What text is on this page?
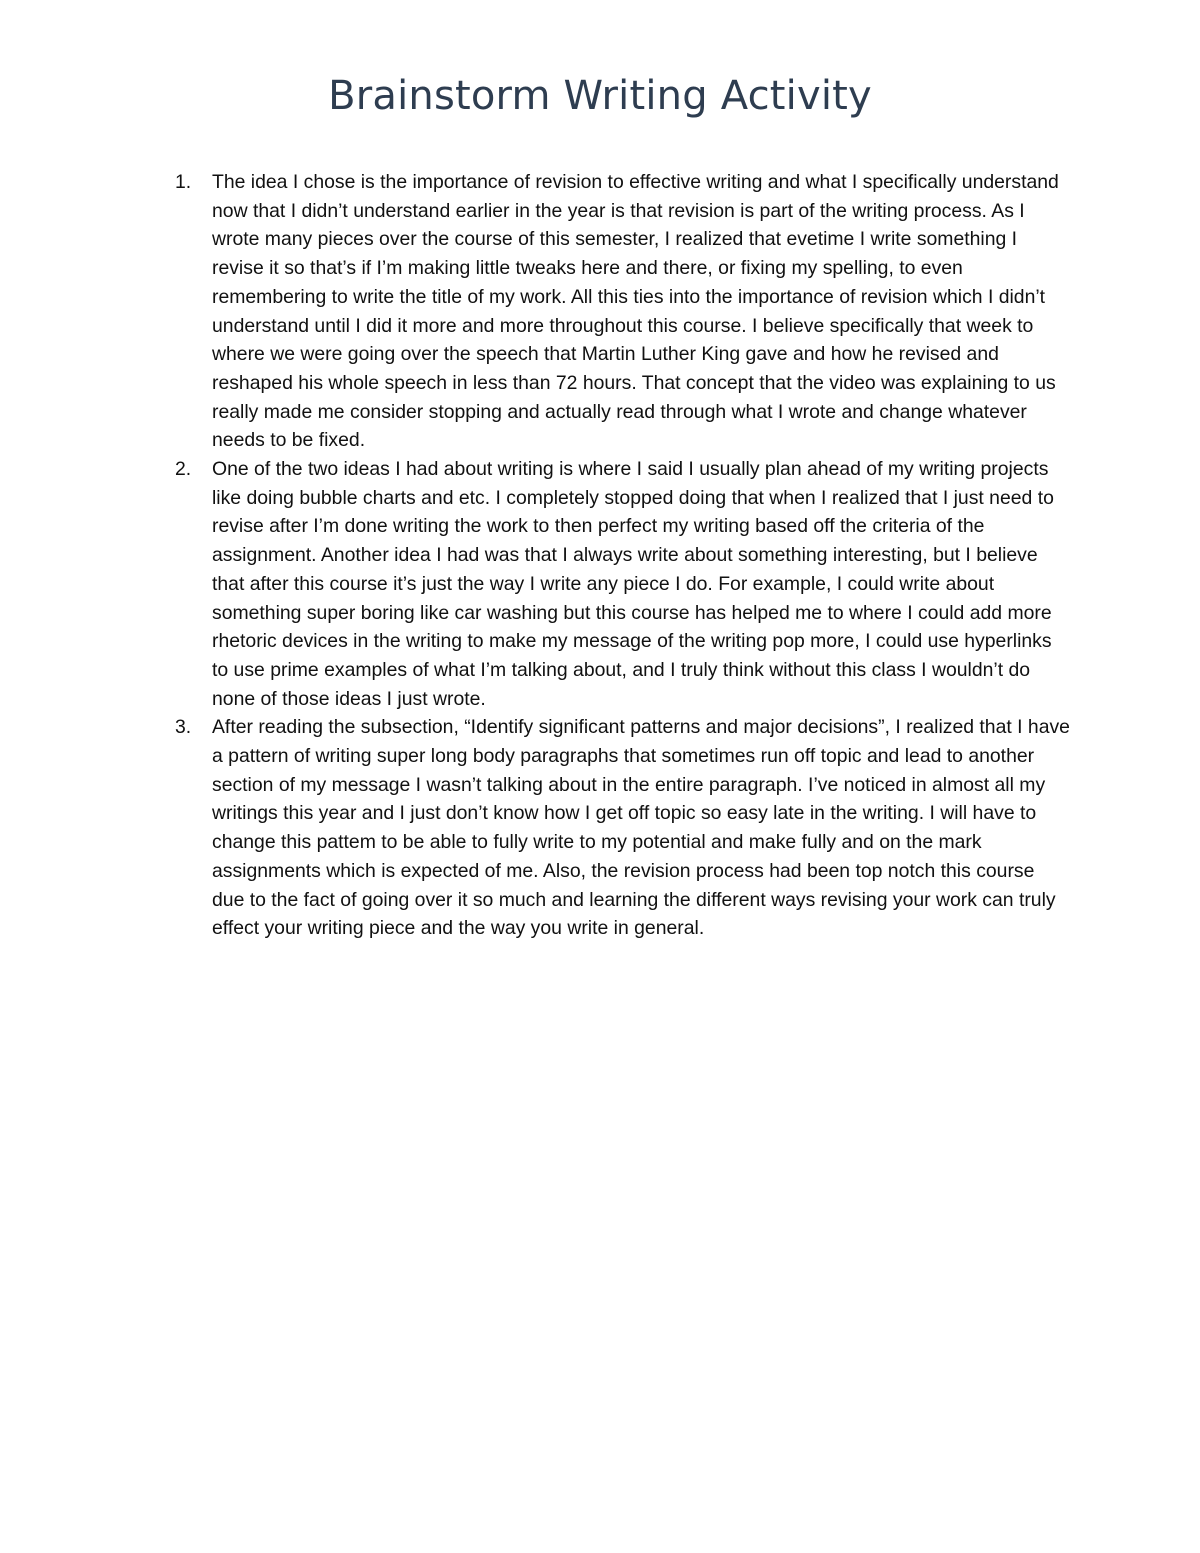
Brainstorm Writing Activity
1.	The idea I chose is the importance of revision to effective writing and what I specifically understand now that I didn’t understand earlier in the year is that revision is part of the writing process. As I wrote many pieces over the course of this semester, I realized that evetime I write something I revise it so that’s if I’m making little tweaks here and there, or fixing my spelling, to even remembering to write the title of my work. All this ties into the importance of revision which I didn’t understand until I did it more and more throughout this course. I believe specifically that week to where we were going over the speech that Martin Luther King gave and how he revised and reshaped his whole speech in less than 72 hours. That concept that the video was explaining to us really made me consider stopping and actually read through what I wrote and change whatever needs to be fixed.
2.	One of the two ideas I had about writing is where I said I usually plan ahead of my writing projects like doing bubble charts and etc. I completely stopped doing that when I realized that I just need to revise after I’m done writing the work to then perfect my writing based off the criteria of the assignment. Another idea I had was that I always write about something interesting, but I believe that after this course it’s just the way I write any piece I do. For example, I could write about something super boring like car washing but this course has helped me to where I could add more rhetoric devices in the writing to make my message of the writing pop more, I could use hyperlinks to use prime examples of what I’m talking about, and I truly think without this class I wouldn’t do none of those ideas I just wrote.
3.	After reading the subsection, “Identify significant patterns and major decisions”, I realized that I have a pattern of writing super long body paragraphs that sometimes run off topic and lead to another section of my message I wasn’t talking about in the entire paragraph. I’ve noticed in almost all my writings this year and I just don’t know how I get off topic so easy late in the writing. I will have to change this pattem to be able to fully write to my potential and make fully and on the mark assignments which is expected of me. Also, the revision process had been top notch this course due to the fact of going over it so much and learning the different ways revising your work can truly effect your writing piece and the way you write in general.
